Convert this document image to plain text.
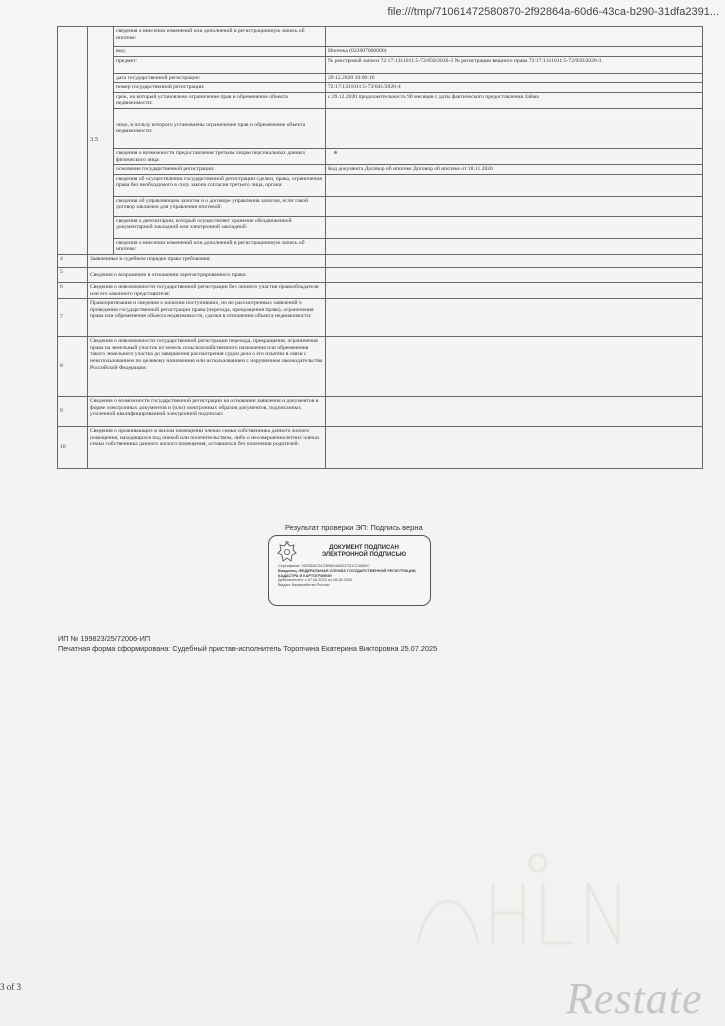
file:///tmp/71061472580870-2f92864a-60d6-43ca-b290-31dfa2391...
	3.5	сведения о внесении изменений или дополнений в регистрационную запись об ипотеке:	
		вид:	Ипотека (022007000000)
		предмет:	№ реестровой записи 72:17:1311011:5-72/050/2020-3 № регистрации вещного права 72:17:1311011:5-72/050/2020-3
		дата государственной регистрации:	29.12.2020 10:06:16
		номер государственной регистрации:	72:17:1311011:5-72/041/2020-4
		срок, на который установлено ограничение прав и обременение объекта недвижимости:	с 29.12.2020 продолжительность 90 месяцев с даты фактического предоставления Займа
		лицо, в пользу которого установлены ограничение прав и обременение объекта недвижимости:	
		сведения о возможности предоставления третьим лицам персональных данных физического лица	
		основание государственной регистрации:	Код документа Договор об ипотеке Договор об ипотеке от 18.11.2020
		сведения об осуществлении государственной регистрации сделки, права, ограничения права без необходимого в силу закона согласия третьего лица, органа:	
		сведения об управляющем залогом и о договоре управления залогом, если такой договор заключен для управления ипотекой:	
		сведения о депозитарии, который осуществляет хранение обездвиженной документарной закладной или электронной закладной:	
		сведения о внесении изменений или дополнений в регистрационную запись об ипотеке:	

4	Заявленные в судебном порядке права требования:		
5	Сведения о возражении в отношении зарегистрированного права:		
6	Сведения о невозможности государственной регистрации без личного участия правообладателя или его законного представителя:		
7	Правопритязания и сведения о наличии поступивших, но не рассмотренных заявлений о проведении государственной регистрации права (перехода, прекращения права), ограничения права или обременения объекта недвижимости, сделки в отношении объекта недвижимости:		
8	Сведения о невозможности государственной регистрации перехода, прекращения, ограничения права на земельный участок из земель сельскохозяйственного назначения или обременения такого земельного участка до завершения рассмотрения судом дела о его изъятии в связи с неиспользованием по целевому назначению или использованием с нарушением законодательства Российской Федерации:		
9	Сведения о возможности государственной регистрации на основании заявления и документов в форме электронных документов и (или) электронных образов документов, подписанных усиленной квалифицированной электронной подписью:		
10	Сведения о проживающих в жилом помещении членах семьи собственника данного жилого помещения, находящихся под опекой или попечительством, либо о несовершеннолетних членах семьи собственника данного жилого помещения, оставшихся без попечения родителей:		
Результат проверки ЭП: Подпись верна
ДОКУМЕНТ ПОДПИСАН
ЭЛЕКТРОННОЙ ПОДПИСЬЮ
Сертификат: 00D5D6C34C5B6D4A6D37D1C2166EC
Владелец: ФЕДЕРАЛЬНАЯ СЛУЖБА ГОСУДАРСТВЕННОЙ РЕГИСТРАЦИИ, КАДАСТРА И КАРТОГРАФИИ
Действителен: с 07.06.2024 по 28.08.2025
Выдан: Казначейство России
ИП № 199823/25/72006-ИП
Печатная форма сформирована: Судебный пристав-исполнитель Торопчина Екатерина Викторовна 25.07.2025
Restate
3 of 3
